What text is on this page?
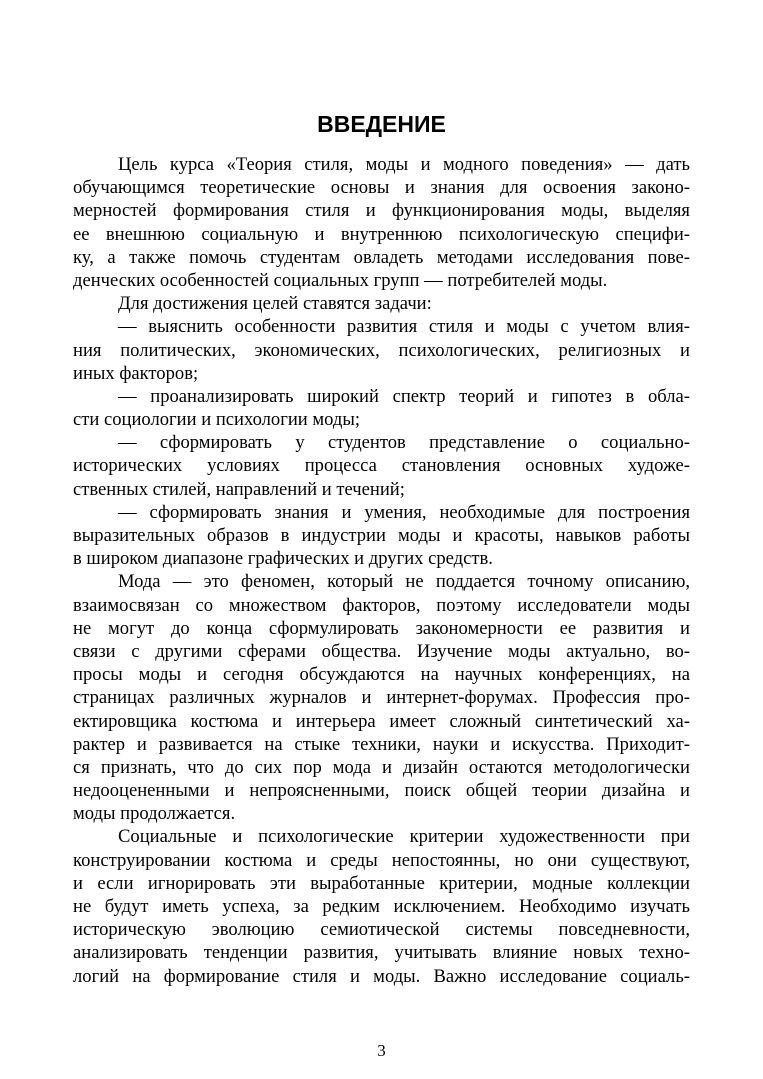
ВВЕДЕНИЕ
Цель курса «Теория стиля, моды и модного поведения» — дать
обучающимся теоретические основы и знания для освоения законо-
мерностей формирования стиля и функционирования моды, выделяя
ее внешнюю социальную и внутреннюю психологическую специфи-
ку, а также помочь студентам овладеть методами исследования пове-
денческих особенностей социальных групп — потребителей моды.
Для достижения целей ставятся задачи:
— выяснить особенности развития стиля и моды с учетом влия-
ния политических, экономических, психологических, религиозных и
иных факторов;
— проанализировать широкий спектр теорий и гипотез в обла-
сти социологии и психологии моды;
— сформировать у студентов представление о социально-
исторических условиях процесса становления основных художе-
ственных стилей, направлений и течений;
— сформировать знания и умения, необходимые для построения
выразительных образов в индустрии моды и красоты, навыков работы
в широком диапазоне графических и других средств.
Мода — это феномен, который не поддается точному описанию,
взаимосвязан со множеством факторов, поэтому исследователи моды
не могут до конца сформулировать закономерности ее развития и
связи с другими сферами общества. Изучение моды актуально, во-
просы моды и сегодня обсуждаются на научных конференциях, на
страницах различных журналов и интернет-форумах. Профессия про-
ектировщика костюма и интерьера имеет сложный синтетический ха-
рактер и развивается на стыке техники, науки и искусства. Приходит-
ся признать, что до сих пор мода и дизайн остаются методологически
недооцененными и непроясненными, поиск общей теории дизайна и
моды продолжается.
Социальные и психологические критерии художественности при
конструировании костюма и среды непостоянны, но они существуют,
и если игнорировать эти выработанные критерии, модные коллекции
не будут иметь успеха, за редким исключением. Необходимо изучать
историческую эволюцию семиотической системы повседневности,
анализировать тенденции развития, учитывать влияние новых техно-
логий на формирование стиля и моды. Важно исследование социаль-
3
